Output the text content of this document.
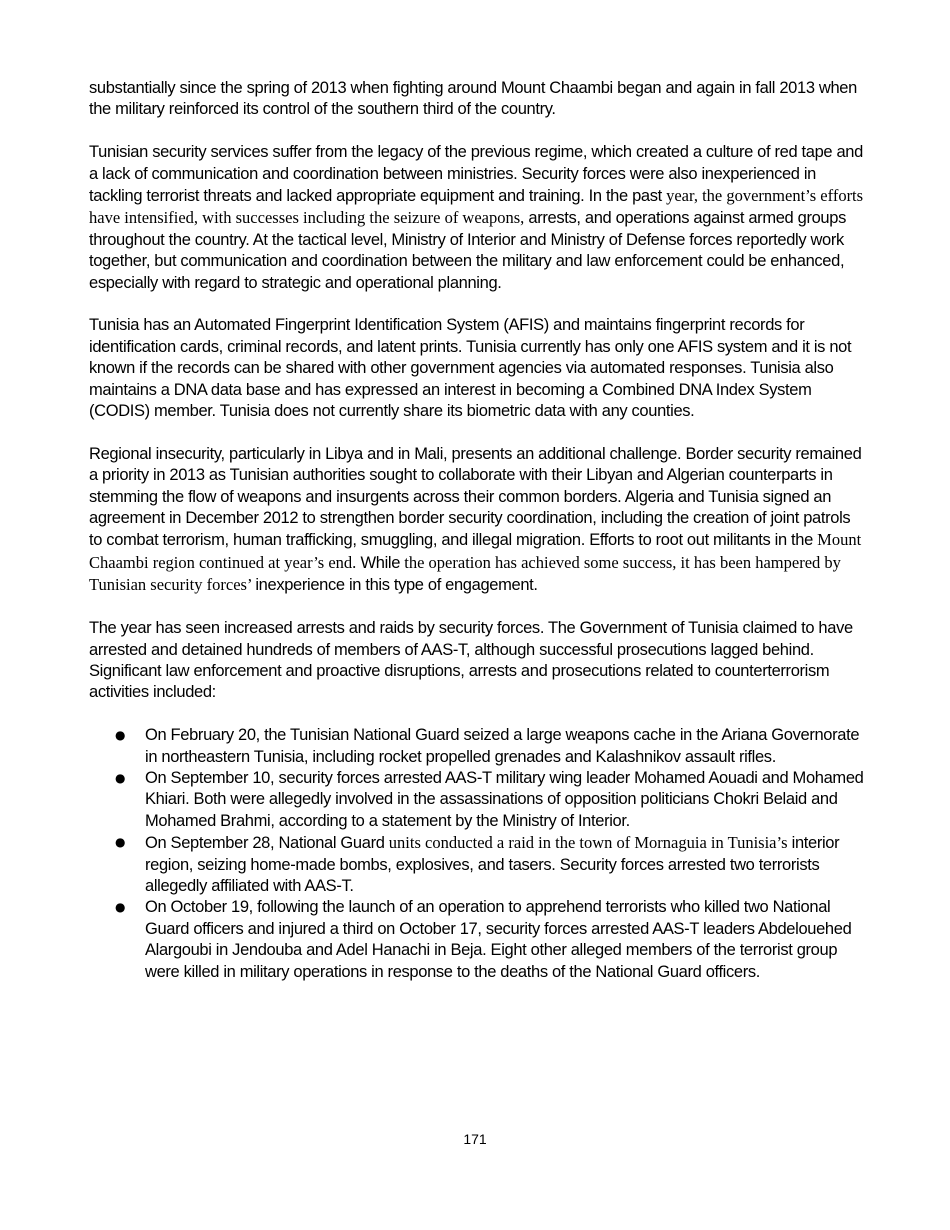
substantially since the spring of 2013 when fighting around Mount Chaambi began and again in fall 2013 when the military reinforced its control of the southern third of the country.

Tunisian security services suffer from the legacy of the previous regime, which created a culture of red tape and a lack of communication and coordination between ministries. Security forces were also inexperienced in tackling terrorist threats and lacked appropriate equipment and training. In the past year, the government’s efforts have intensified, with successes including the seizure of weapons, arrests, and operations against armed groups throughout the country. At the tactical level, Ministry of Interior and Ministry of Defense forces reportedly work together, but communication and coordination between the military and law enforcement could be enhanced, especially with regard to strategic and operational planning.

Tunisia has an Automated Fingerprint Identification System (AFIS) and maintains fingerprint records for identification cards, criminal records, and latent prints. Tunisia currently has only one AFIS system and it is not known if the records can be shared with other government agencies via automated responses. Tunisia also maintains a DNA data base and has expressed an interest in becoming a Combined DNA Index System (CODIS) member. Tunisia does not currently share its biometric data with any counties.

Regional insecurity, particularly in Libya and in Mali, presents an additional challenge. Border security remained a priority in 2013 as Tunisian authorities sought to collaborate with their Libyan and Algerian counterparts in stemming the flow of weapons and insurgents across their common borders. Algeria and Tunisia signed an agreement in December 2012 to strengthen border security coordination, including the creation of joint patrols to combat terrorism, human trafficking, smuggling, and illegal migration. Efforts to root out militants in the Mount Chaambi region continued at year’s end. While the operation has achieved some success, it has been hampered by Tunisian security forces’ inexperience in this type of engagement.

The year has seen increased arrests and raids by security forces. The Government of Tunisia claimed to have arrested and detained hundreds of members of AAS-T, although successful prosecutions lagged behind. Significant law enforcement and proactive disruptions, arrests and prosecutions related to counterterrorism activities included:

● On February 20, the Tunisian National Guard seized a large weapons cache in the Ariana Governorate in northeastern Tunisia, including rocket propelled grenades and Kalashnikov assault rifles.
● On September 10, security forces arrested AAS-T military wing leader Mohamed Aouadi and Mohamed Khiari. Both were allegedly involved in the assassinations of opposition politicians Chokri Belaid and Mohamed Brahmi, according to a statement by the Ministry of Interior.
● On September 28, National Guard units conducted a raid in the town of Mornaguia in Tunisia’s interior region, seizing home-made bombs, explosives, and tasers. Security forces arrested two terrorists allegedly affiliated with AAS-T.
● On October 19, following the launch of an operation to apprehend terrorists who killed two National Guard officers and injured a third on October 17, security forces arrested AAS-T leaders Abdelouehed Alargoubi in Jendouba and Adel Hanachi in Beja. Eight other alleged members of the terrorist group were killed in military operations in response to the deaths of the National Guard officers.
171
